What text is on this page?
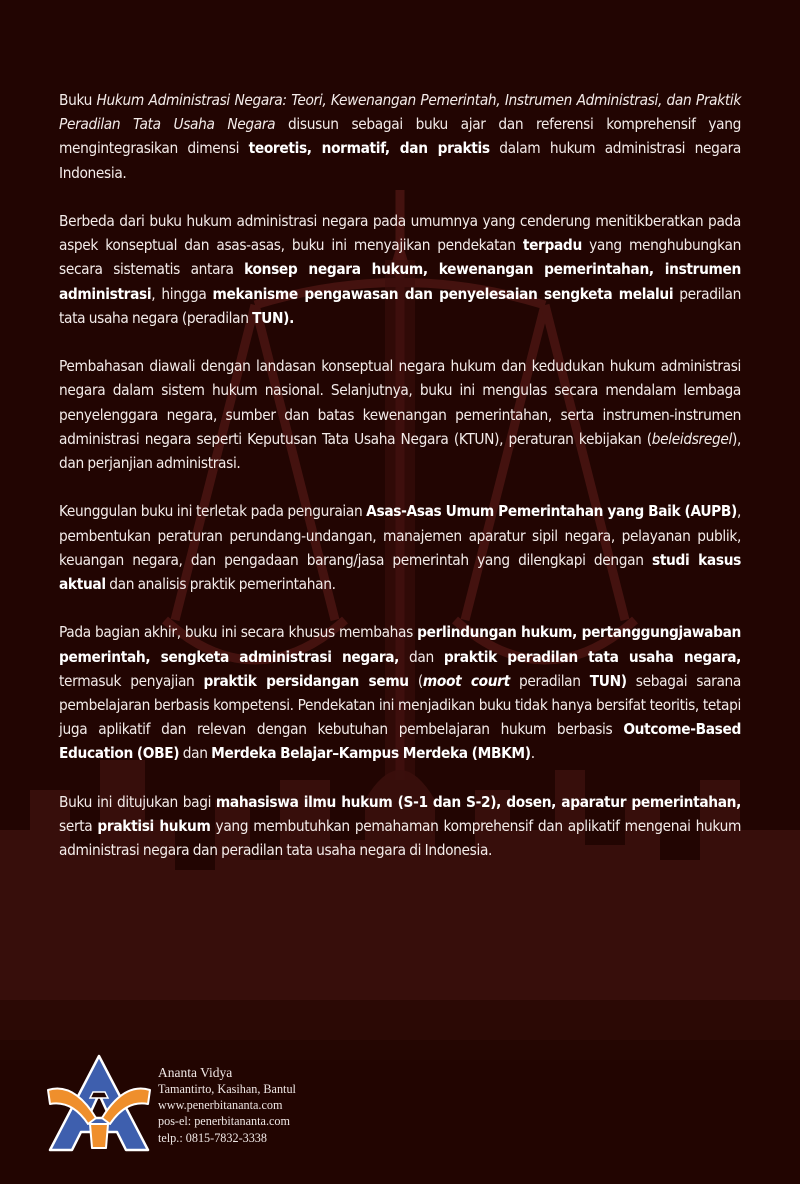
Buku Hukum Administrasi Negara: Teori, Kewenangan Pemerintah, Instrumen Administrasi, dan Praktik Peradilan Tata Usaha Negara disusun sebagai buku ajar dan referensi komprehensif yang mengintegrasikan dimensi teoretis, normatif, dan praktis dalam hukum administrasi negara Indonesia.

Berbeda dari buku hukum administrasi negara pada umumnya yang cenderung menitikberatkan pada aspek konseptual dan asas-asas, buku ini menyajikan pendekatan terpadu yang menghubungkan secara sistematis antara konsep negara hukum, kewenangan pemerintahan, instrumen administrasi, hingga mekanisme pengawasan dan penyelesaian sengketa melalui peradilan tata usaha negara (peradilan TUN).

Pembahasan diawali dengan landasan konseptual negara hukum dan kedudukan hukum administrasi negara dalam sistem hukum nasional. Selanjutnya, buku ini mengulas secara mendalam lembaga penyelenggara negara, sumber dan batas kewenangan pemerintahan, serta instrumen-instrumen administrasi negara seperti Keputusan Tata Usaha Negara (KTUN), peraturan kebijakan (beleidsregel), dan perjanjian administrasi.

Keunggulan buku ini terletak pada penguraian Asas-Asas Umum Pemerintahan yang Baik (AUPB), pembentukan peraturan perundang-undangan, manajemen aparatur sipil negara, pelayanan publik, keuangan negara, dan pengadaan barang/jasa pemerintah yang dilengkapi dengan studi kasus aktual dan analisis praktik pemerintahan.

Pada bagian akhir, buku ini secara khusus membahas perlindungan hukum, pertanggungjawaban pemerintah, sengketa administrasi negara, dan praktik peradilan tata usaha negara, termasuk penyajian praktik persidangan semu (moot court peradilan TUN) sebagai sarana pembelajaran berbasis kompetensi. Pendekatan ini menjadikan buku tidak hanya bersifat teoritis, tetapi juga aplikatif dan relevan dengan kebutuhan pembelajaran hukum berbasis Outcome-Based Education (OBE) dan Merdeka Belajar–Kampus Merdeka (MBKM).

Buku ini ditujukan bagi mahasiswa ilmu hukum (S-1 dan S-2), dosen, aparatur pemerintahan, serta praktisi hukum yang membutuhkan pemahaman komprehensif dan aplikatif mengenai hukum administrasi negara dan peradilan tata usaha negara di Indonesia.

Ananta Vidya
Tamantirto, Kasihan, Bantul
www.penerbitananta.com
pos-el: penerbitananta.com
telp.: 0815-7832-3338
